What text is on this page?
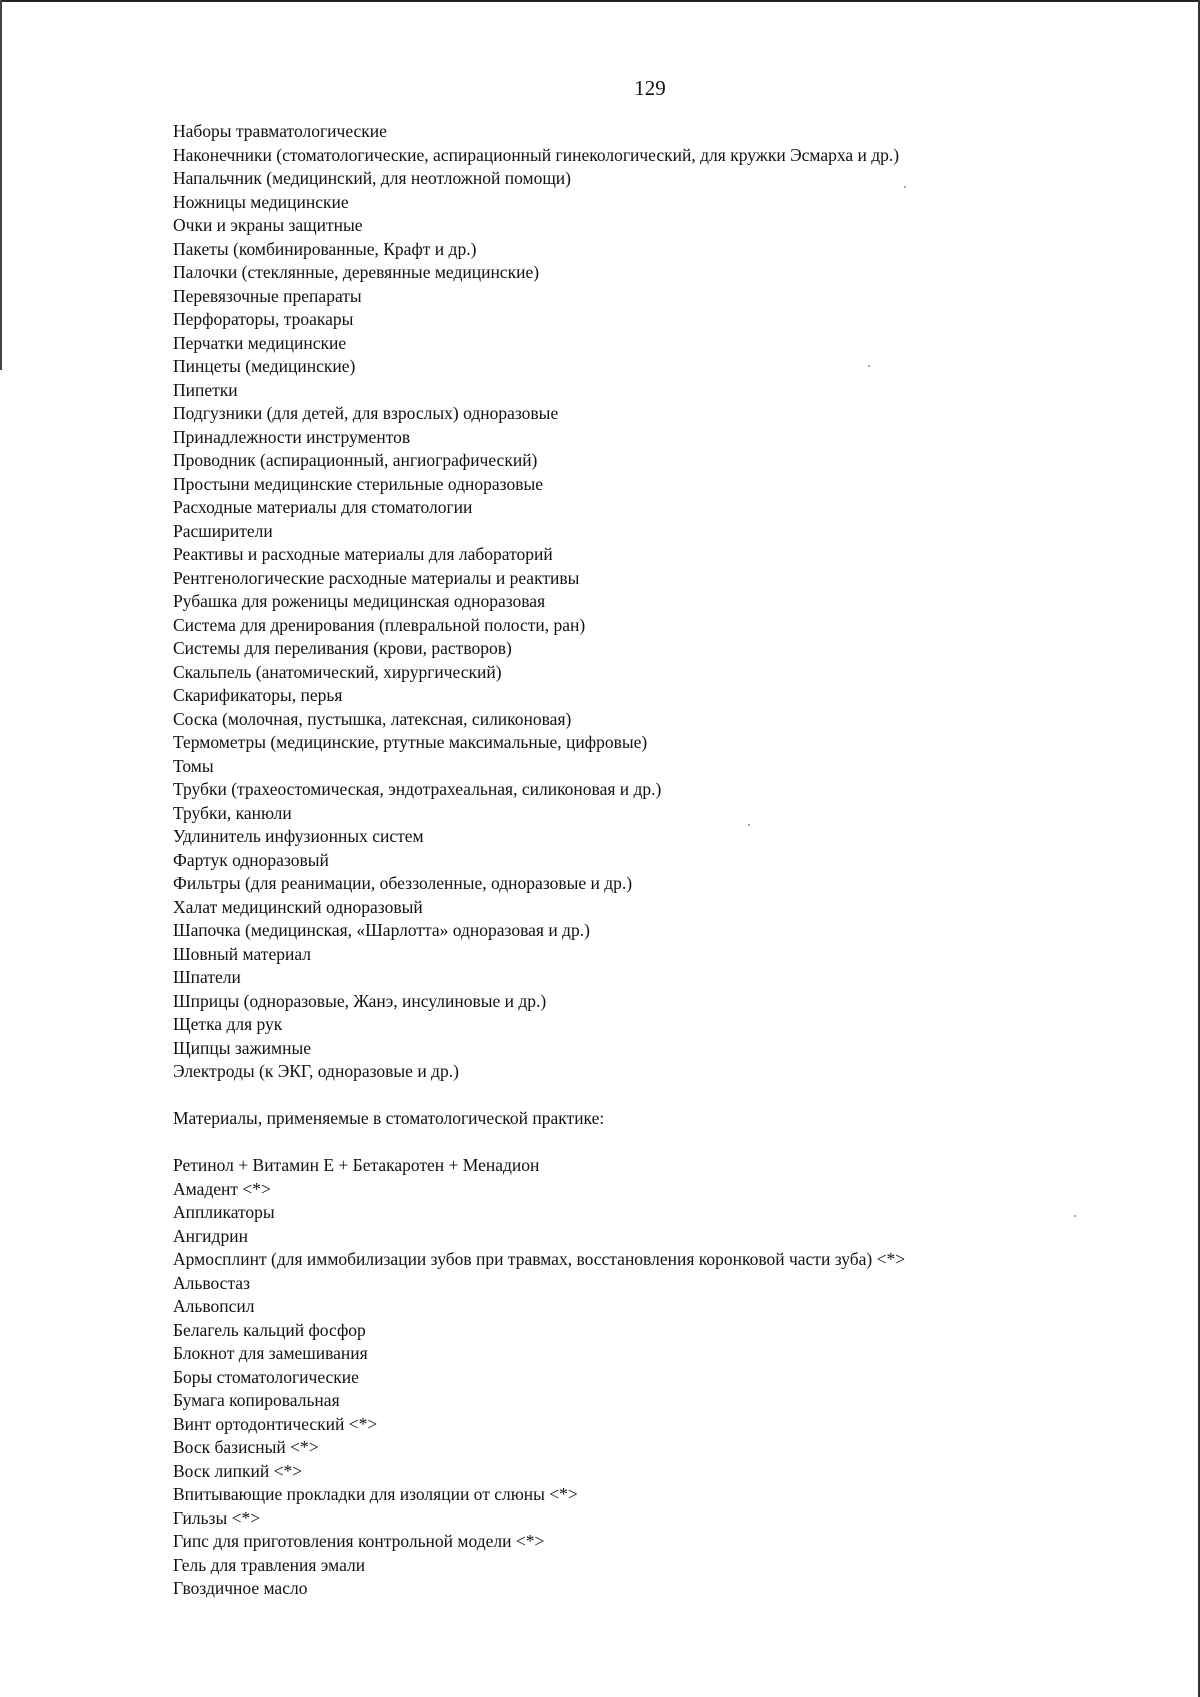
129
Наборы травматологические
Наконечники (стоматологические, аспирационный гинекологический, для кружки Эсмарха и др.)
Напальчник (медицинский, для неотложной помощи)
Ножницы медицинские
Очки и экраны защитные
Пакеты (комбинированные, Крафт и др.)
Палочки (стеклянные, деревянные медицинские)
Перевязочные препараты
Перфораторы, троакары
Перчатки медицинские
Пинцеты (медицинские)
Пипетки
Подгузники (для детей, для взрослых) одноразовые
Принадлежности инструментов
Проводник (аспирационный, ангиографический)
Простыни медицинские стерильные одноразовые
Расходные материалы для стоматологии
Расширители
Реактивы и расходные материалы для лабораторий
Рентгенологические расходные материалы и реактивы
Рубашка для роженицы медицинская одноразовая
Система для дренирования (плевральной полости, ран)
Системы для переливания (крови, растворов)
Скальпель (анатомический, хирургический)
Скарификаторы, перья
Соска (молочная, пустышка, латексная, силиконовая)
Термометры (медицинские, ртутные максимальные, цифровые)
Томы
Трубки (трахеостомическая, эндотрахеальная, силиконовая и др.)
Трубки, канюли
Удлинитель инфузионных систем
Фартук одноразовый
Фильтры (для реанимации, обеззоленные, одноразовые и др.)
Халат медицинский одноразовый
Шапочка (медицинская, «Шарлотта» одноразовая и др.)
Шовный материал
Шпатели
Шприцы (одноразовые, Жанэ, инсулиновые и др.)
Щетка для рук
Щипцы зажимные
Электроды (к ЭКГ, одноразовые и др.)
Материалы, применяемые в стоматологической практике:
Ретинол + Витамин Е + Бетакаротен + Менадион
Амадент <*>
Аппликаторы
Ангидрин
Армосплинт (для иммобилизации зубов при травмах, восстановления коронковой части зуба) <*>
Альвостаз
Альвопсил
Белагель кальций фосфор
Блокнот для замешивания
Боры стоматологические
Бумага копировальная
Винт ортодонтический <*>
Воск базисный <*>
Воск липкий <*>
Впитывающие прокладки для изоляции от слюны <*>
Гильзы <*>
Гипс для приготовления контрольной модели <*>
Гель для травления эмали
Гвоздичное масло
